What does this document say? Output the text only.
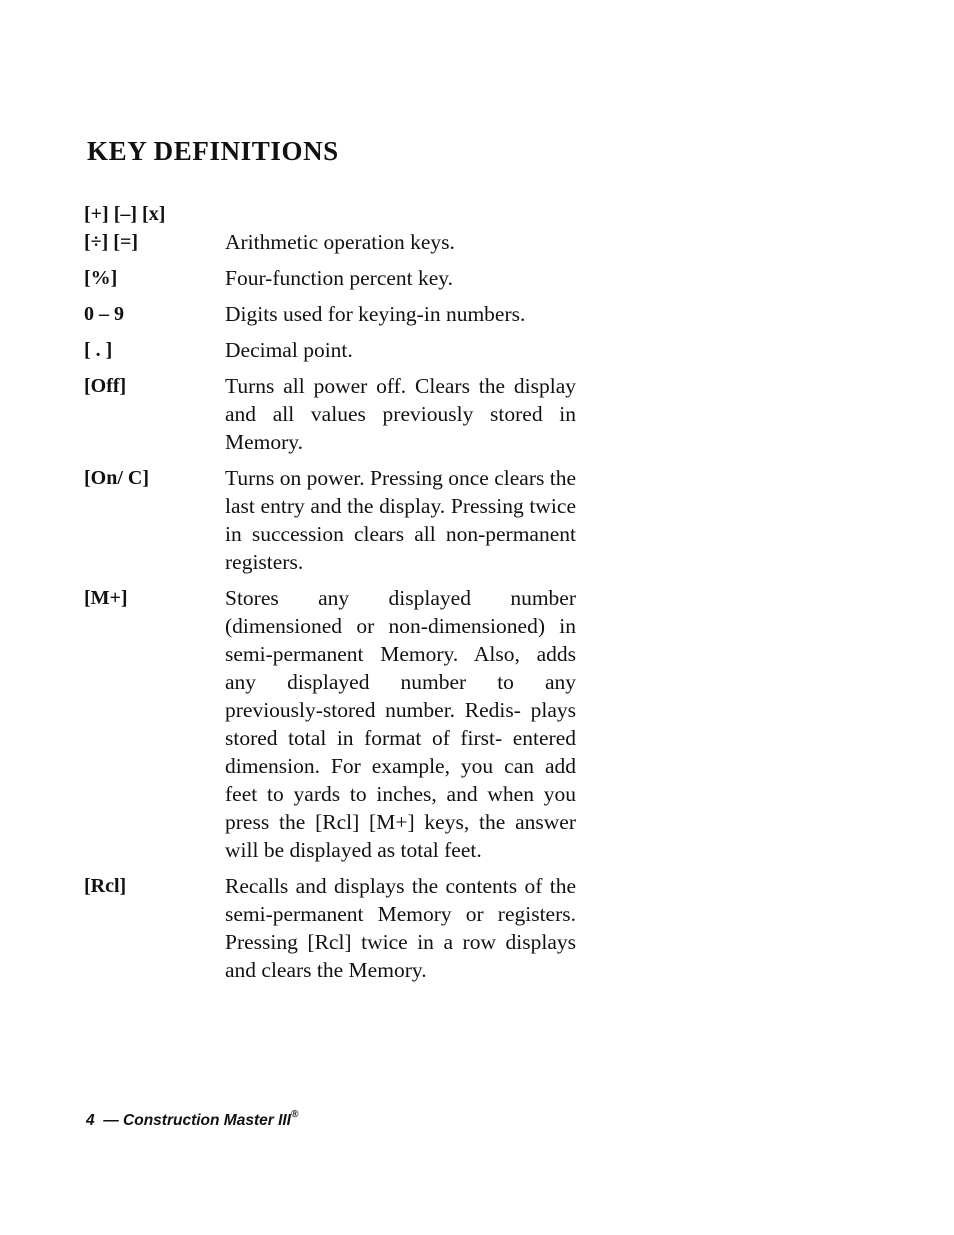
KEY DEFINITIONS
[+] [–] [x]
[÷] [=]	Arithmetic operation keys.
[%]	Four-function percent key.
0 – 9	Digits used for keying-in numbers.
[ . ]	Decimal point.
[Off]	Turns all power off. Clears the display and all values previously stored in Memory.
[On/ C]	Turns on power. Pressing once clears the last entry and the display. Pressing twice in succession clears all non-permanent registers.
[M+]	Stores any displayed number (dimensioned or non-dimensioned) in semi-permanent Memory. Also, adds any displayed number to any previously-stored number. Redis- plays stored total in format of first- entered dimension. For example, you can add feet to yards to inches, and when you press the [Rcl] [M+] keys, the answer will be displayed as total feet.
[Rcl]	Recalls and displays the contents of the semi-permanent Memory or registers. Pressing [Rcl] twice in a row displays and clears the Memory.
4 — Construction Master III®
